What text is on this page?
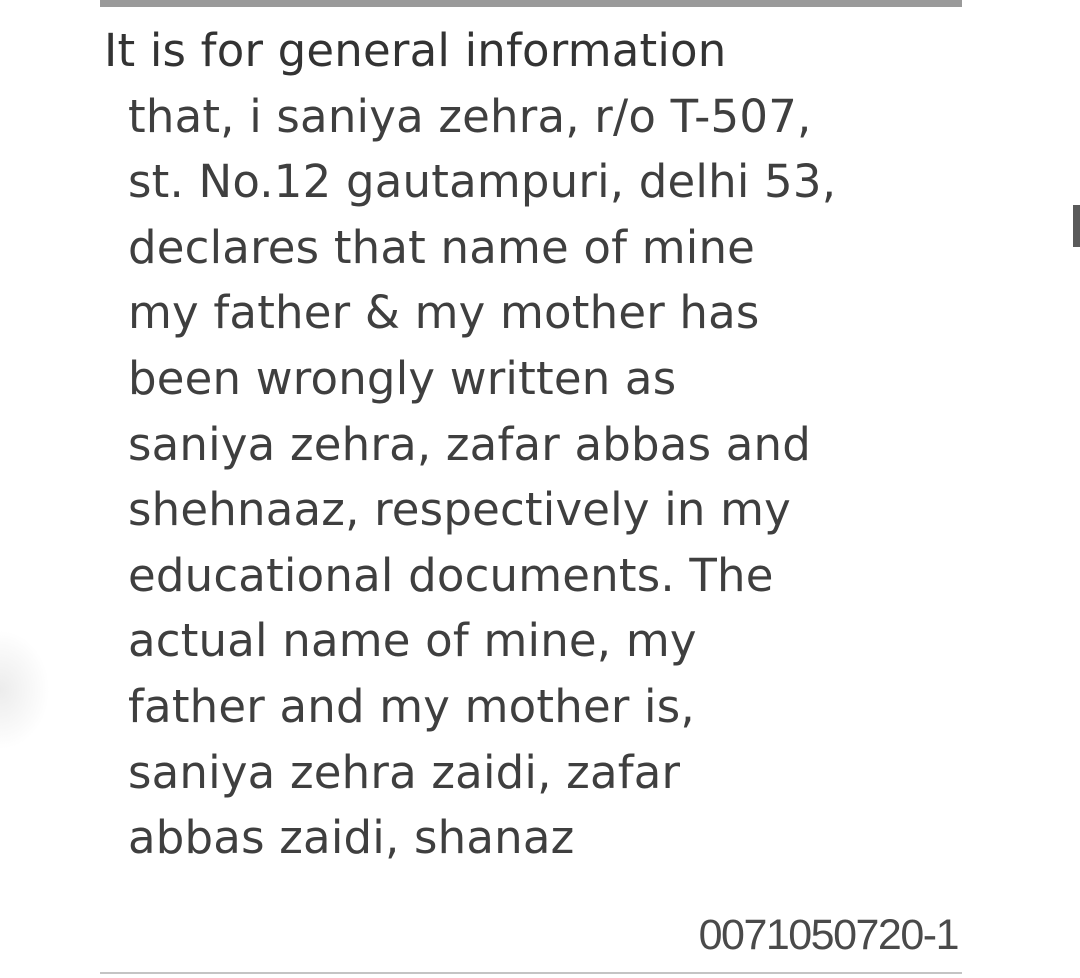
It is for general information
that, i saniya zehra, r/o T-507,
st. No.12 gautampuri, delhi 53,
declares that name of mine
my father & my mother has
been wrongly written as
saniya zehra, zafar abbas and
shehnaaz, respectively in my
educational documents. The
actual name of mine, my
father and my mother is,
saniya zehra zaidi, zafar
abbas zaidi, shanaz

0071050720-1
